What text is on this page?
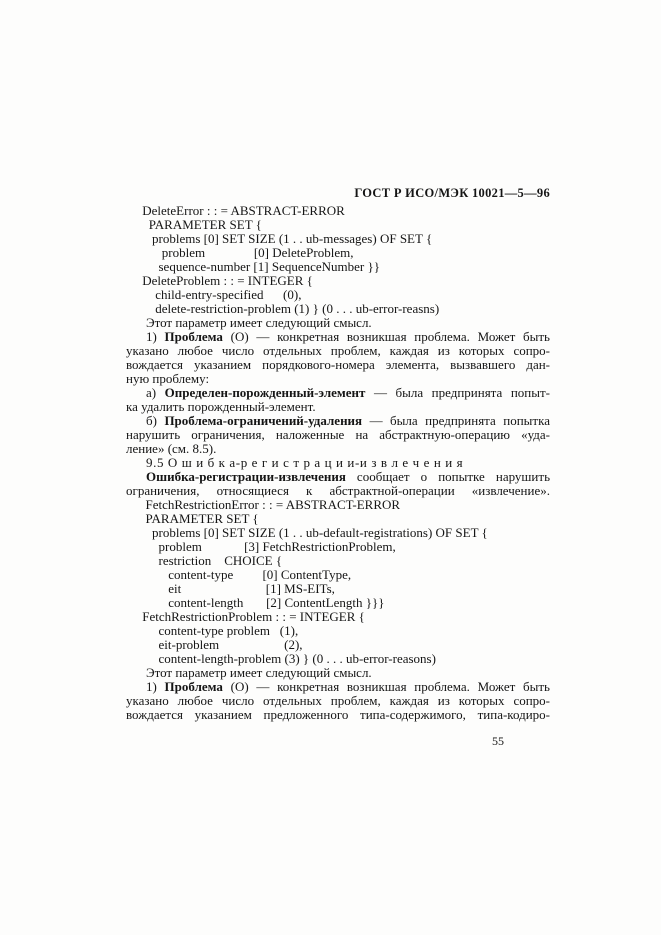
ГОСТ Р ИСО/МЭК 10021—5—96
DeleteError : : = ABSTRACT-ERROR
PARAMETER SET {
problems [0] SET SIZE (1 . . ub-messages) OF SET {
problem               [0] DeleteProblem,
sequence-number [1] SequenceNumber }}
DeleteProblem : : = INTEGER {
child-entry-specified      (0),
delete-restriction-problem (1) } (0 . . . ub-error-reasns)
Этот параметр имеет следующий смысл.
1) Проблема (О) — конкретная возникшая проблема. Может быть
указано любое число отдельных проблем, каждая из которых сопро-
вождается указанием порядкового-номера элемента, вызвавшего дан-
ную проблему:
а) Определен-порожденный-элемент — была предпринята попыт-
ка удалить порожденный-элемент.
б) Проблема-ограничений-удаления — была предпринята попытка
нарушить ограничения, наложенные на абстрактную-операцию «уда-
ление» (см. 8.5).
9.5 О ш и б к а-р е г и с т р а ц и и-и з в л е ч е н и я
Ошибка-регистрации-извлечения сообщает о попытке нарушить
ограничения, относящиеся к абстрактной-операции «извлечение».
FetchRestrictionError : : = ABSTRACT-ERROR
PARAMETER SET {
problems [0] SET SIZE (1 . . ub-default-registrations) OF SET {
problem             [3] FetchRestrictionProblem,
restriction    CHOICE {
content-type         [0] ContentType,
eit                          [1] MS-EITs,
content-length       [2] ContentLength }}}
FetchRestrictionProblem : : = INTEGER {
content-type problem   (1),
eit-problem                    (2),
content-length-problem (3) } (0 . . . ub-error-reasons)
Этот параметр имеет следующий смысл.
1) Проблема (О) — конкретная возникшая проблема. Может быть
указано любое число отдельных проблем, каждая из которых сопро-
вождается указанием предложенного типа-содержимого, типа-кодиро-
55
